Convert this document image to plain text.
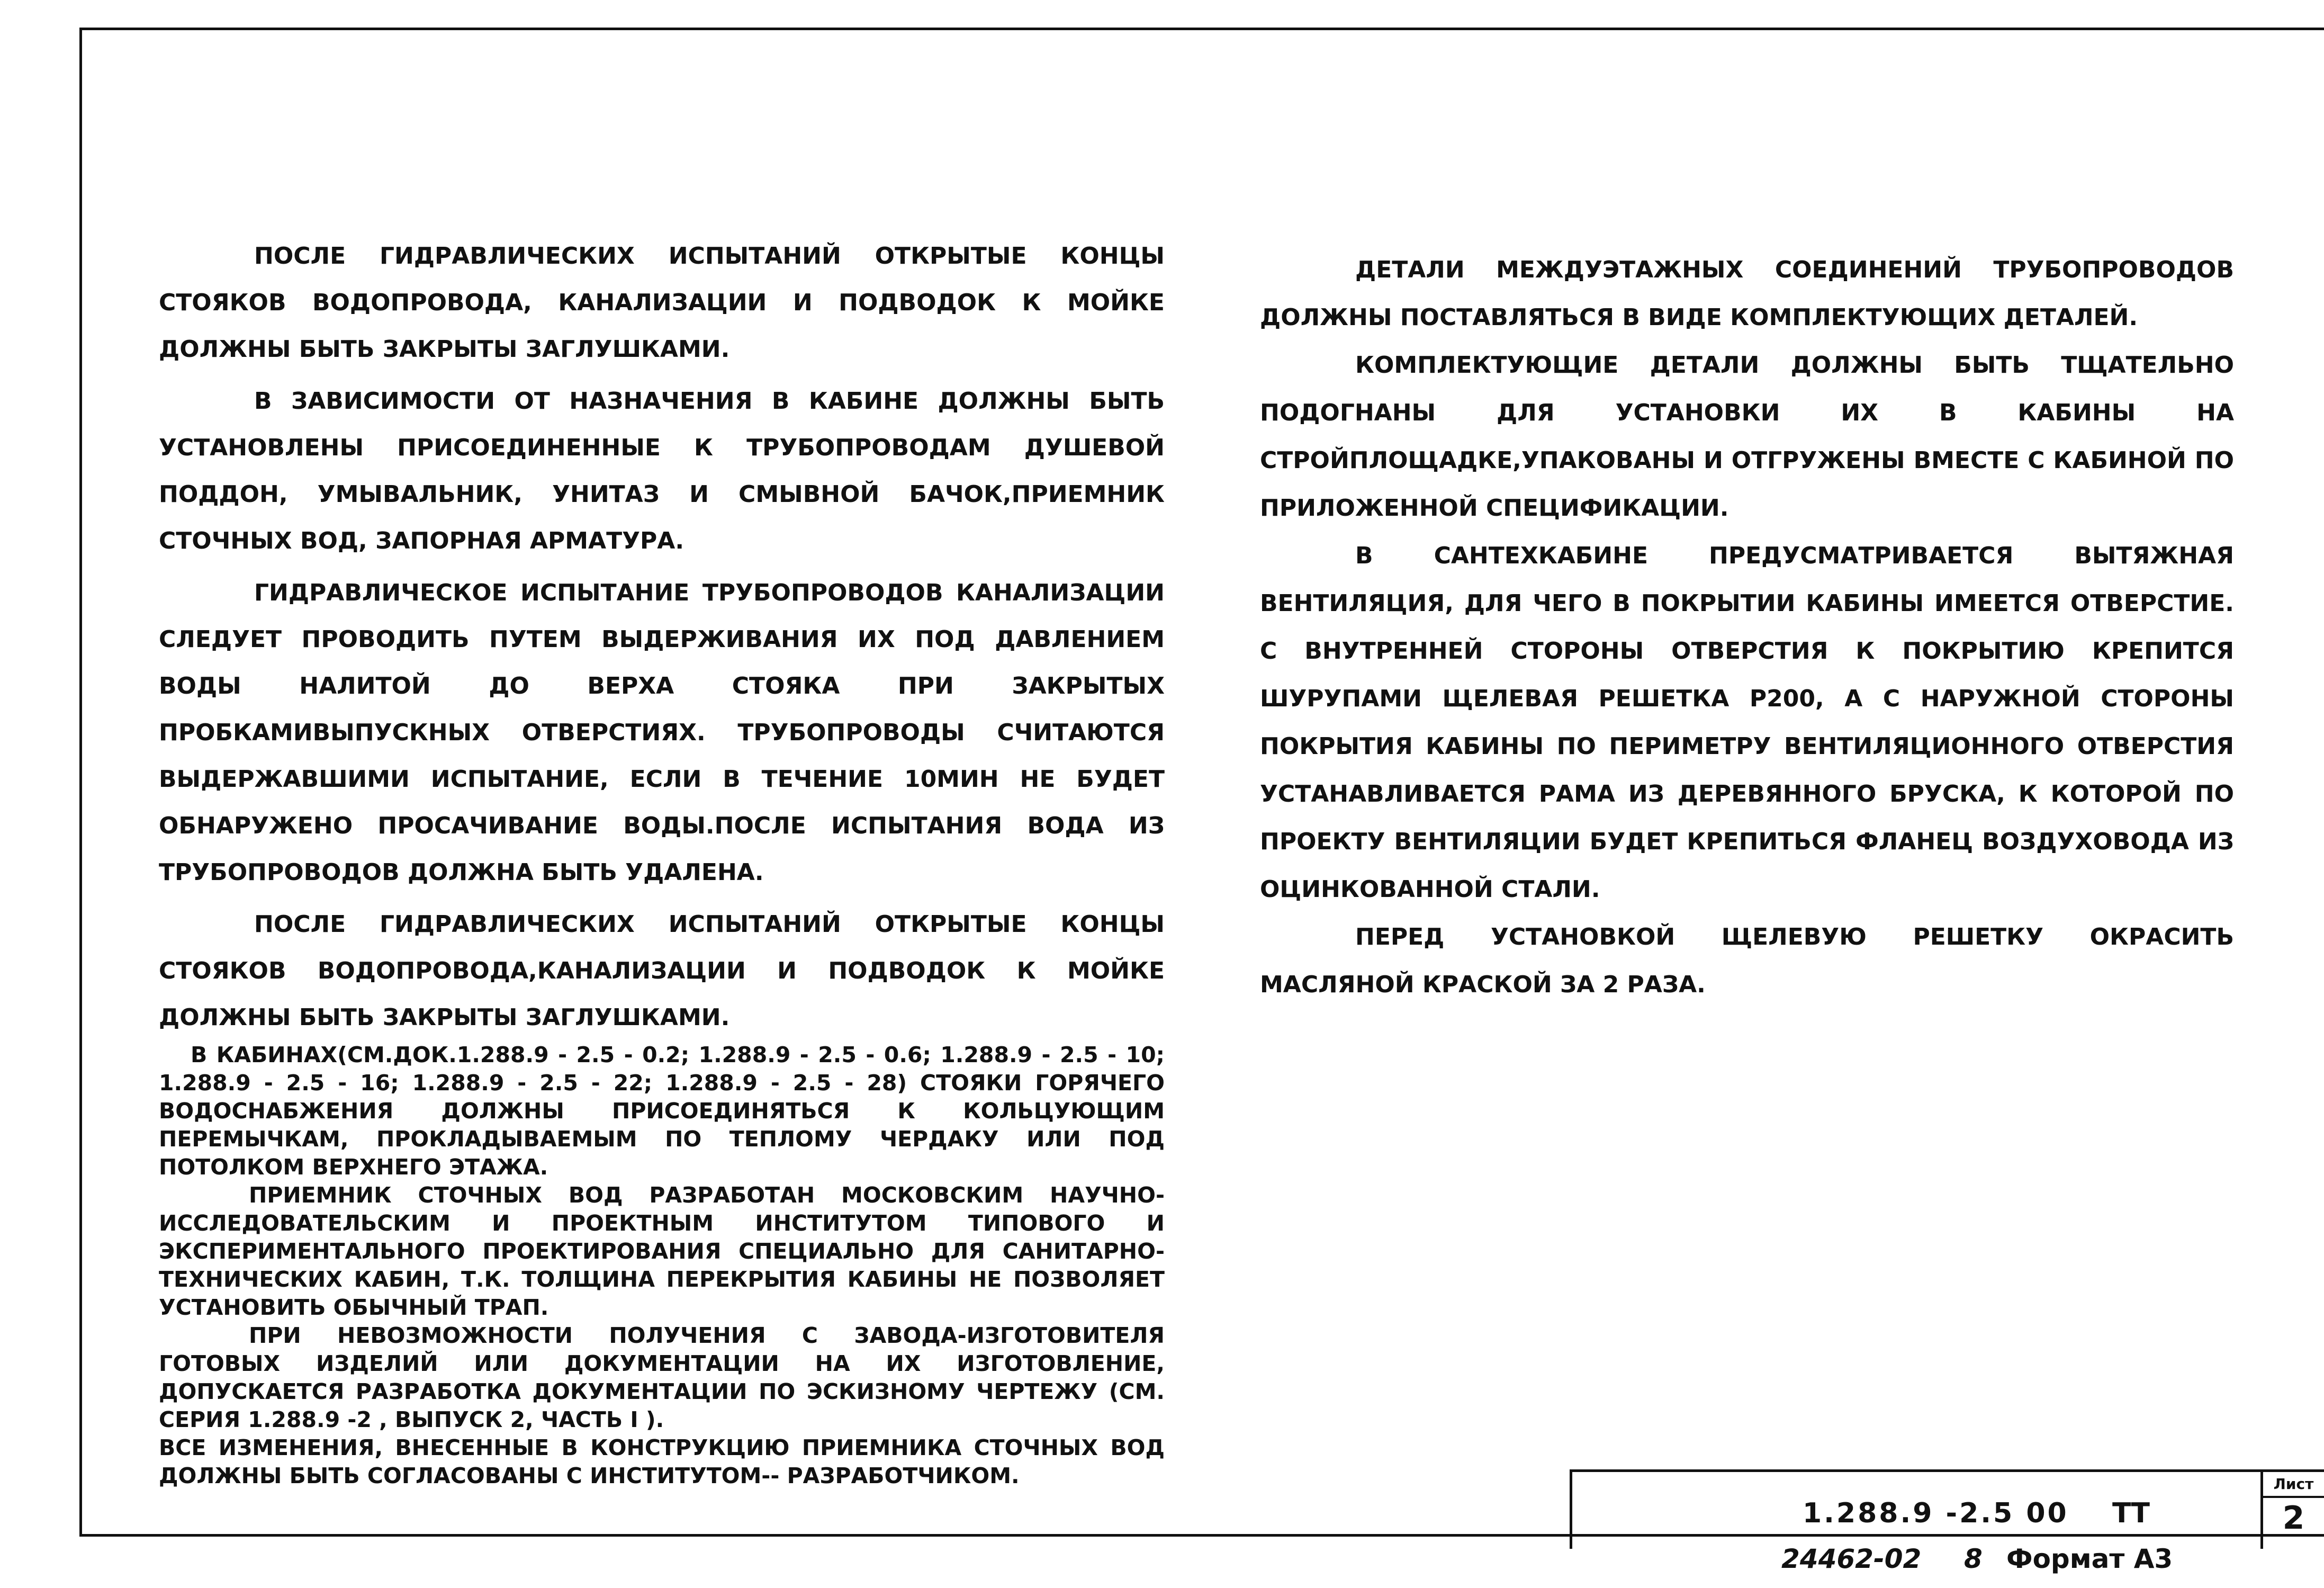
ПОСЛЕ ГИДРАВЛИЧЕСКИХ ИСПЫТАНИЙ ОТКРЫТЫЕ КОНЦЫ СТОЯКОВ ВОДОПРОВОДА, КАНАЛИЗАЦИИ И ПОДВОДОК К МОЙКЕ ДОЛЖНЫ БЫТЬ ЗАКРЫТЫ ЗАГЛУШКАМИ.

В ЗАВИСИМОСТИ ОТ НАЗНАЧЕНИЯ В КАБИНЕ ДОЛЖНЫ БЫТЬ УСТАНОВЛЕНЫ ПРИСОЕДИНЕННЫЕ К ТРУБОПРОВОДАМ ДУШЕВОЙ ПОДДОН, УМЫВАЛЬНИК, УНИТАЗ И СМЫВНОЙ БАЧОК,ПРИЕМНИК СТОЧНЫХ ВОД, ЗАПОРНАЯ АРМАТУРА.

ГИДРАВЛИЧЕСКОЕ ИСПЫТАНИЕ ТРУБОПРОВОДОВ КАНАЛИЗАЦИИ СЛЕДУЕТ ПРОВОДИТЬ ПУТЕМ ВЫДЕРЖИВАНИЯ ИХ ПОД ДАВЛЕНИЕМ ВОДЫ НАЛИТОЙ ДО ВЕРХА СТОЯКА ПРИ ЗАКРЫТЫХ ПРОБКАМИВЫПУСКНЫХ ОТВЕРСТИЯХ. ТРУБОПРОВОДЫ СЧИТАЮТСЯ ВЫДЕРЖАВШИМИ ИСПЫТАНИЕ, ЕСЛИ В ТЕЧЕНИЕ 10МИН НЕ БУДЕТ ОБНАРУЖЕНО ПРОСАЧИВАНИЕ ВОДЫ.ПОСЛЕ ИСПЫТАНИЯ ВОДА ИЗ ТРУБОПРОВОДОВ ДОЛЖНА БЫТЬ УДАЛЕНА.

ПОСЛЕ ГИДРАВЛИЧЕСКИХ ИСПЫТАНИЙ ОТКРЫТЫЕ КОНЦЫ СТОЯКОВ ВОДОПРОВОДА,КАНАЛИЗАЦИИ И ПОДВОДОК К МОЙКЕ ДОЛЖНЫ БЫТЬ ЗАКРЫТЫ ЗАГЛУШКАМИ.

В КАБИНАХ(СМ.ДОК.1.288.9 - 2.5 - 0.2; 1.288.9 - 2.5 - 0.6; 1.288.9 - 2.5 - 10; 1.288.9 - 2.5 - 16; 1.288.9 - 2.5 - 22; 1.288.9 - 2.5 - 28) СТОЯКИ ГОРЯЧЕГО ВОДОСНАБЖЕНИЯ ДОЛЖНЫ ПРИСОЕДИНЯТЬСЯ К КОЛЬЦУЮЩИМ ПЕРЕМЫЧКАМ, ПРОКЛАДЫВАЕМЫМ ПО ТЕПЛОМУ ЧЕРДАКУ ИЛИ ПОД ПОТОЛКОМ ВЕРХНЕГО ЭТАЖА.

ПРИЕМНИК СТОЧНЫХ ВОД РАЗРАБОТАН МОСКОВСКИМ НАУЧНО-ИССЛЕДОВАТЕЛЬСКИМ И ПРОЕКТНЫМ ИНСТИТУТОМ ТИПОВОГО И ЭКСПЕРИМЕНТАЛЬНОГО ПРОЕКТИРОВАНИЯ СПЕЦИАЛЬНО ДЛЯ САНИТАРНО-ТЕХНИЧЕСКИХ КАБИН, Т.К. ТОЛЩИНА ПЕРЕКРЫТИЯ КАБИНЫ НЕ ПОЗВОЛЯЕТ УСТАНОВИТЬ ОБЫЧНЫЙ ТРАП.

ПРИ НЕВОЗМОЖНОСТИ ПОЛУЧЕНИЯ С ЗАВОДА-ИЗГОТОВИТЕЛЯ ГОТОВЫХ ИЗДЕЛИЙ ИЛИ ДОКУМЕНТАЦИИ НА ИХ ИЗГОТОВЛЕНИЕ, ДОПУСКАЕТСЯ РАЗРАБОТКА ДОКУМЕНТАЦИИ ПО ЭСКИЗНОМУ ЧЕРТЕЖУ (СМ. СЕРИЯ 1.288.9 -2 , ВЫПУСК 2, ЧАСТЬ I ).

ВСЕ ИЗМЕНЕНИЯ, ВНЕСЕННЫЕ В КОНСТРУКЦИЮ ПРИЕМНИКА СТОЧНЫХ ВОД ДОЛЖНЫ БЫТЬ СОГЛАСОВАНЫ С ИНСТИТУТОМ-- РАЗРАБОТЧИКОМ.

ДЕТАЛИ МЕЖДУЭТАЖНЫХ СОЕДИНЕНИЙ ТРУБОПРОВОДОВ ДОЛЖНЫ ПОСТАВЛЯТЬСЯ В ВИДЕ КОМПЛЕКТУЮЩИХ ДЕТАЛЕЙ.

КОМПЛЕКТУЮЩИЕ ДЕТАЛИ ДОЛЖНЫ БЫТЬ ТЩАТЕЛЬНО ПОДОГНАНЫ ДЛЯ УСТАНОВКИ ИХ В КАБИНЫ НА СТРОЙПЛОЩАДКЕ,УПАКОВАНЫ И ОТГРУЖЕНЫ ВМЕСТЕ С КАБИНОЙ ПО ПРИЛОЖЕННОЙ СПЕЦИФИКАЦИИ.

В САНТЕХКАБИНЕ ПРЕДУСМАТРИВАЕТСЯ ВЫТЯЖНАЯ ВЕНТИЛЯЦИЯ, ДЛЯ ЧЕГО В ПОКРЫТИИ КАБИНЫ ИМЕЕТСЯ ОТВЕРСТИЕ. С ВНУТРЕННЕЙ СТОРОНЫ ОТВЕРСТИЯ К ПОКРЫТИЮ КРЕПИТСЯ ШУРУПАМИ ЩЕЛЕВАЯ РЕШЕТКА Р200, А С НАРУЖНОЙ СТОРОНЫ ПОКРЫТИЯ КАБИНЫ ПО ПЕРИМЕТРУ ВЕНТИЛЯЦИОННОГО ОТВЕРСТИЯ УСТАНАВЛИВАЕТСЯ РАМА ИЗ ДЕРЕВЯННОГО БРУСКА, К КОТОРОЙ ПО ПРОЕКТУ ВЕНТИЛЯЦИИ БУДЕТ КРЕПИТЬСЯ ФЛАНЕЦ ВОЗДУХОВОДА ИЗ ОЦИНКОВАННОЙ СТАЛИ.

ПЕРЕД УСТАНОВКОЙ ЩЕЛЕВУЮ РЕШЕТКУ ОКРАСИТЬ МАСЛЯНОЙ КРАСКОЙ ЗА 2 РАЗА.

1.288.9 -2.5 00 ТТ
Лист
2
24462-02 8 Формат А3
